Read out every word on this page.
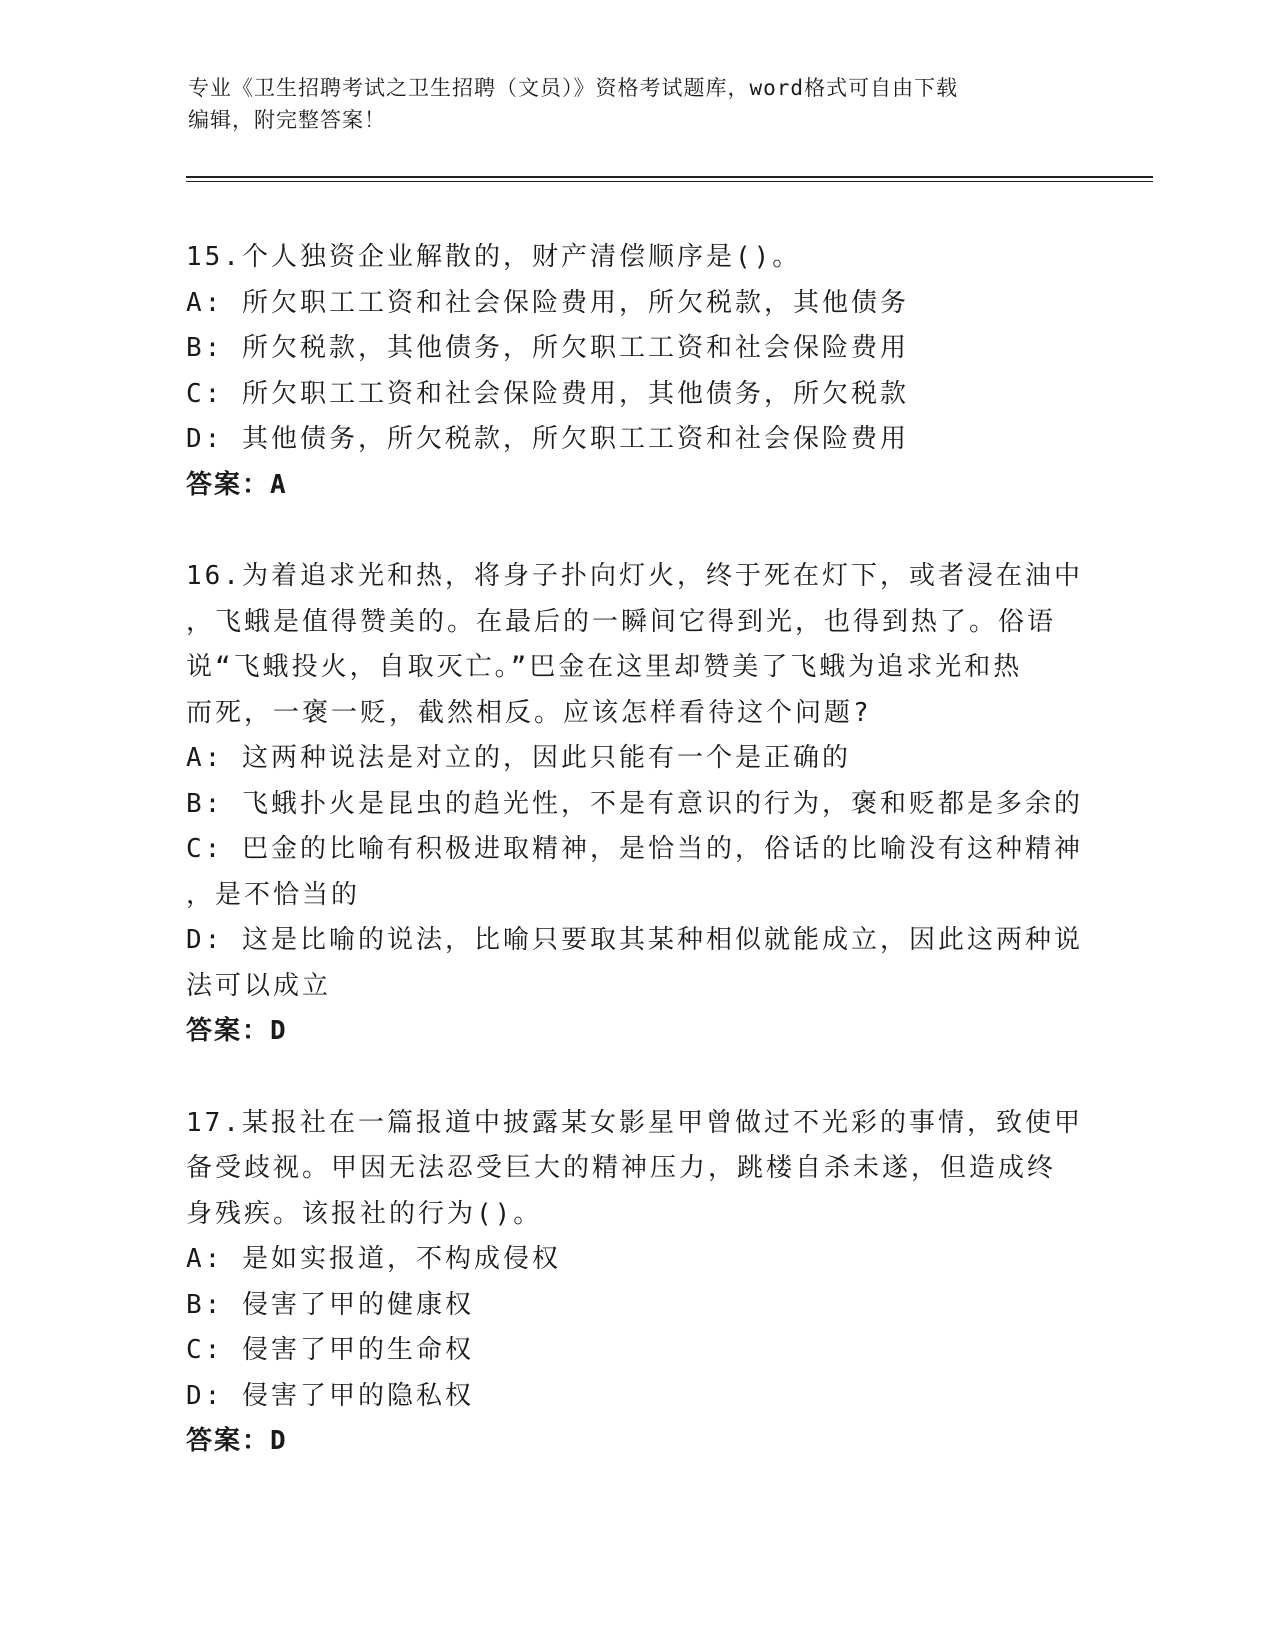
专业《卫生招聘考试之卫生招聘（文员）》资格考试题库，word格式可自由下载
编辑，附完整答案！
15.个人独资企业解散的，财产清偿顺序是()。
A: 所欠职工工资和社会保险费用，所欠税款，其他债务
B: 所欠税款，其他债务，所欠职工工资和社会保险费用
C: 所欠职工工资和社会保险费用，其他债务，所欠税款
D: 其他债务，所欠税款，所欠职工工资和社会保险费用
答案：A
16.为着追求光和热，将身子扑向灯火，终于死在灯下，或者浸在油中
，飞蛾是值得赞美的。在最后的一瞬间它得到光，也得到热了。俗语
说“飞蛾投火，自取灭亡。”巴金在这里却赞美了飞蛾为追求光和热
而死，一褒一贬，截然相反。应该怎样看待这个问题?
A: 这两种说法是对立的，因此只能有一个是正确的
B: 飞蛾扑火是昆虫的趋光性，不是有意识的行为，褒和贬都是多余的
C: 巴金的比喻有积极进取精神，是恰当的，俗话的比喻没有这种精神
，是不恰当的
D: 这是比喻的说法，比喻只要取其某种相似就能成立，因此这两种说
法可以成立
答案：D
17.某报社在一篇报道中披露某女影星甲曾做过不光彩的事情，致使甲
备受歧视。甲因无法忍受巨大的精神压力，跳楼自杀未遂，但造成终
身残疾。该报社的行为()。
A: 是如实报道，不构成侵权
B: 侵害了甲的健康权
C: 侵害了甲的生命权
D: 侵害了甲的隐私权
答案：D
